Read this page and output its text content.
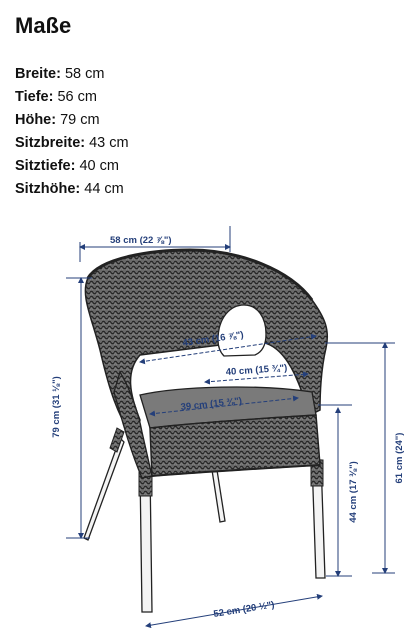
Maße
Breite: 58 cm
Tiefe: 56 cm
Höhe: 79 cm
Sitzbreite: 43 cm
Sitztiefe: 40 cm
Sitzhöhe: 44 cm
58 cm (22 ⅞")
79 cm (31 ⅛")
43 cm (16 ⅞")
40 cm (15 ¾")
39 cm (15 ⅜")
44 cm (17 ⅜")
61 cm (24")
52 cm (20 ½")
